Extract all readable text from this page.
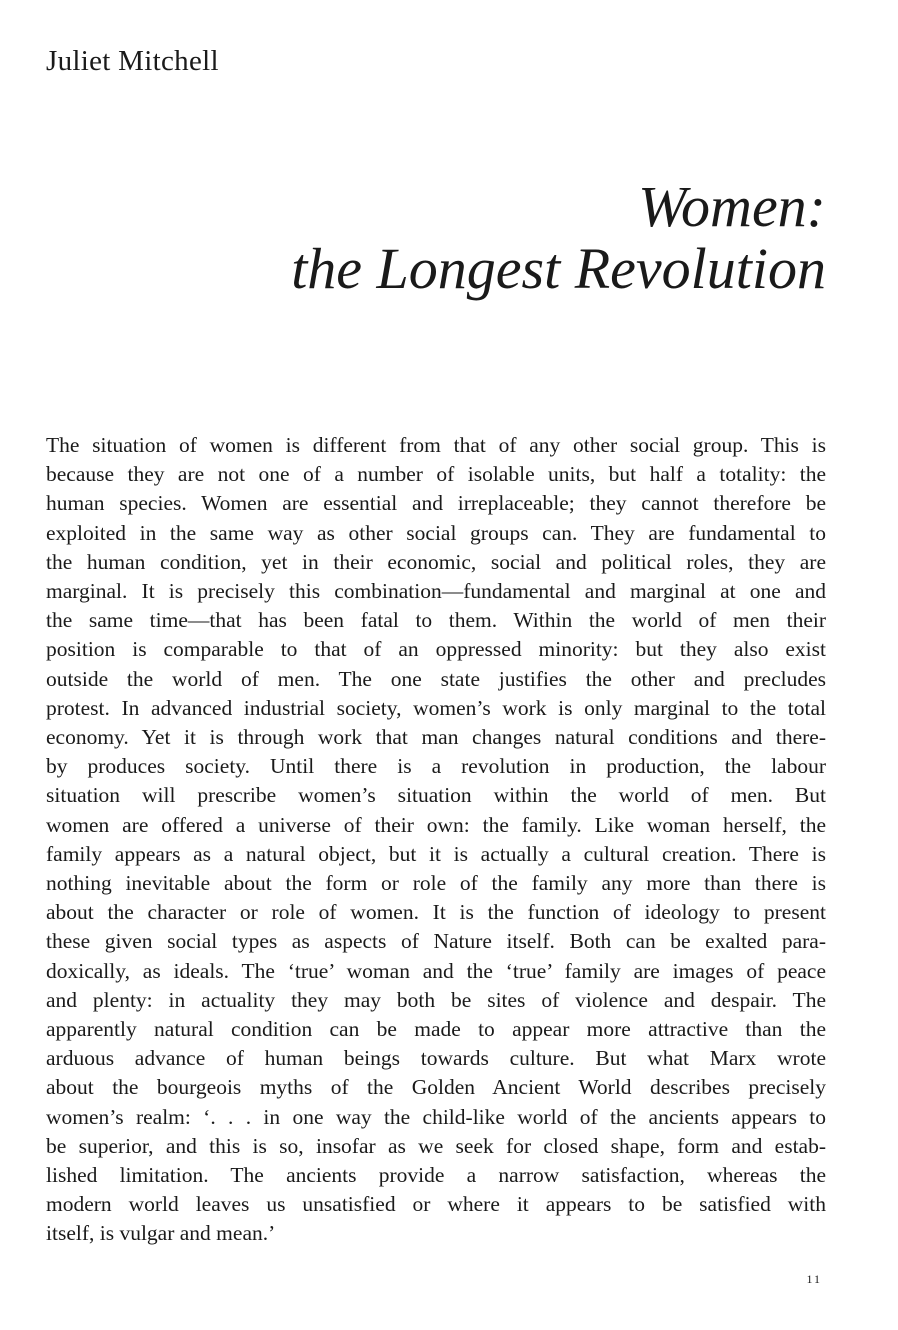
Juliet Mitchell
Women:
the Longest Revolution
The situation of women is different from that of any other social group. This is
because they are not one of a number of isolable units, but half a totality: the
human species. Women are essential and irreplaceable; they cannot therefore be
exploited in the same way as other social groups can. They are fundamental to
the human condition, yet in their economic, social and political roles, they are
marginal. It is precisely this combination—fundamental and marginal at one and
the same time—that has been fatal to them. Within the world of men their
position is comparable to that of an oppressed minority: but they also exist
outside the world of men. The one state justifies the other and precludes
protest. In advanced industrial society, women’s work is only marginal to the total
economy. Yet it is through work that man changes natural conditions and there-
by produces society. Until there is a revolution in production, the labour
situation will prescribe women’s situation within the world of men. But
women are offered a universe of their own: the family. Like woman herself, the
family appears as a natural object, but it is actually a cultural creation. There is
nothing inevitable about the form or role of the family any more than there is
about the character or role of women. It is the function of ideology to present
these given social types as aspects of Nature itself. Both can be exalted para-
doxically, as ideals. The ‘true’ woman and the ‘true’ family are images of peace
and plenty: in actuality they may both be sites of violence and despair. The
apparently natural condition can be made to appear more attractive than the
arduous advance of human beings towards culture. But what Marx wrote
about the bourgeois myths of the Golden Ancient World describes precisely
women’s realm: ‘. . . in one way the child-like world of the ancients appears to
be superior, and this is so, insofar as we seek for closed shape, form and estab-
lished limitation. The ancients provide a narrow satisfaction, whereas the
modern world leaves us unsatisfied or where it appears to be satisfied with
itself, is vulgar and mean.’
11
